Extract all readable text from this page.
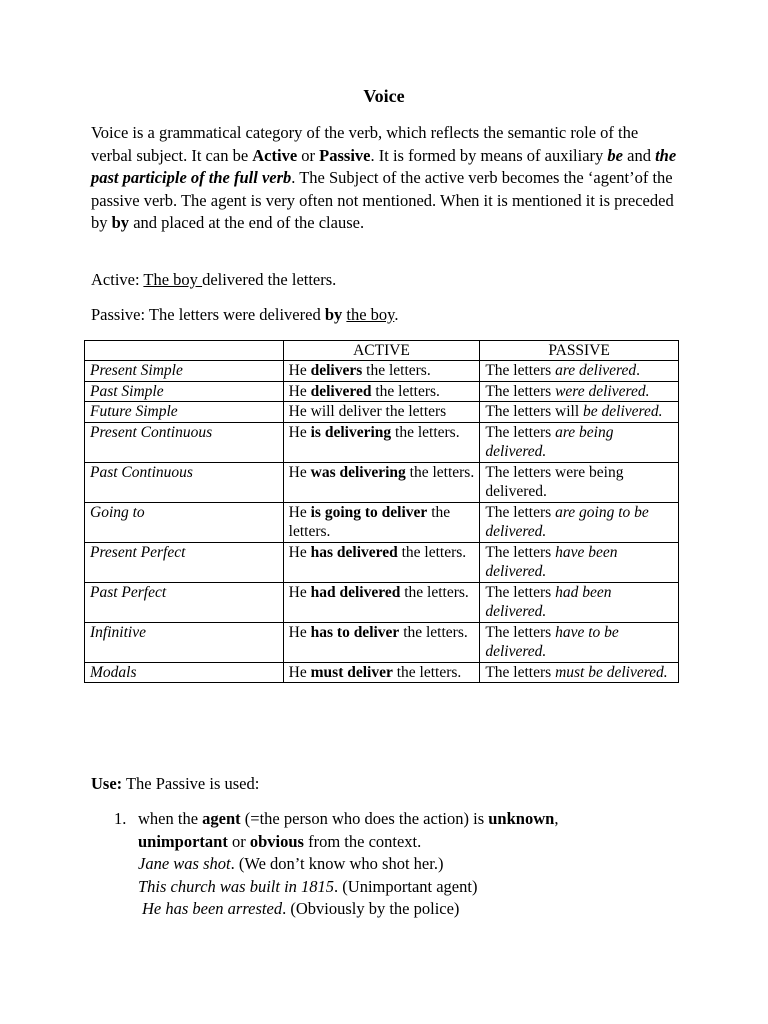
Voice

Voice is a grammatical category of the verb, which reflects the semantic role of the verbal subject. It can be Active or Passive. It is formed by means of auxiliary be and the past participle of the full verb. The Subject of the active verb becomes the ‘agent’of the passive verb. The agent is very often not mentioned. When it is mentioned it is preceded by by and placed at the end of the clause.

Active: The boy delivered the letters.

Passive: The letters were delivered by the boy.

	ACTIVE	PASSIVE
Present Simple	He delivers the letters.	The letters are delivered.
Past Simple	He delivered the letters.	The letters were delivered.
Future Simple	He will deliver the letters	The letters will be delivered.
Present Continuous	He is delivering the letters.	The letters are being delivered.
Past Continuous	He was delivering the letters.	The letters were being delivered.
Going to	He is going to deliver the letters.	The letters are going to be delivered.
Present Perfect	He has delivered the letters.	The letters have been delivered.
Past Perfect	He had delivered the letters.	The letters had been delivered.
Infinitive	He has to deliver the letters.	The letters have to be delivered.
Modals	He must deliver the letters.	The letters must be delivered.

Use: The Passive is used:

1. when the agent (=the person who does the action) is unknown,
unimportant or obvious from the context.
Jane was shot. (We don’t know who shot her.)
This church was built in 1815. (Unimportant agent)
He has been arrested. (Obviously by the police)
